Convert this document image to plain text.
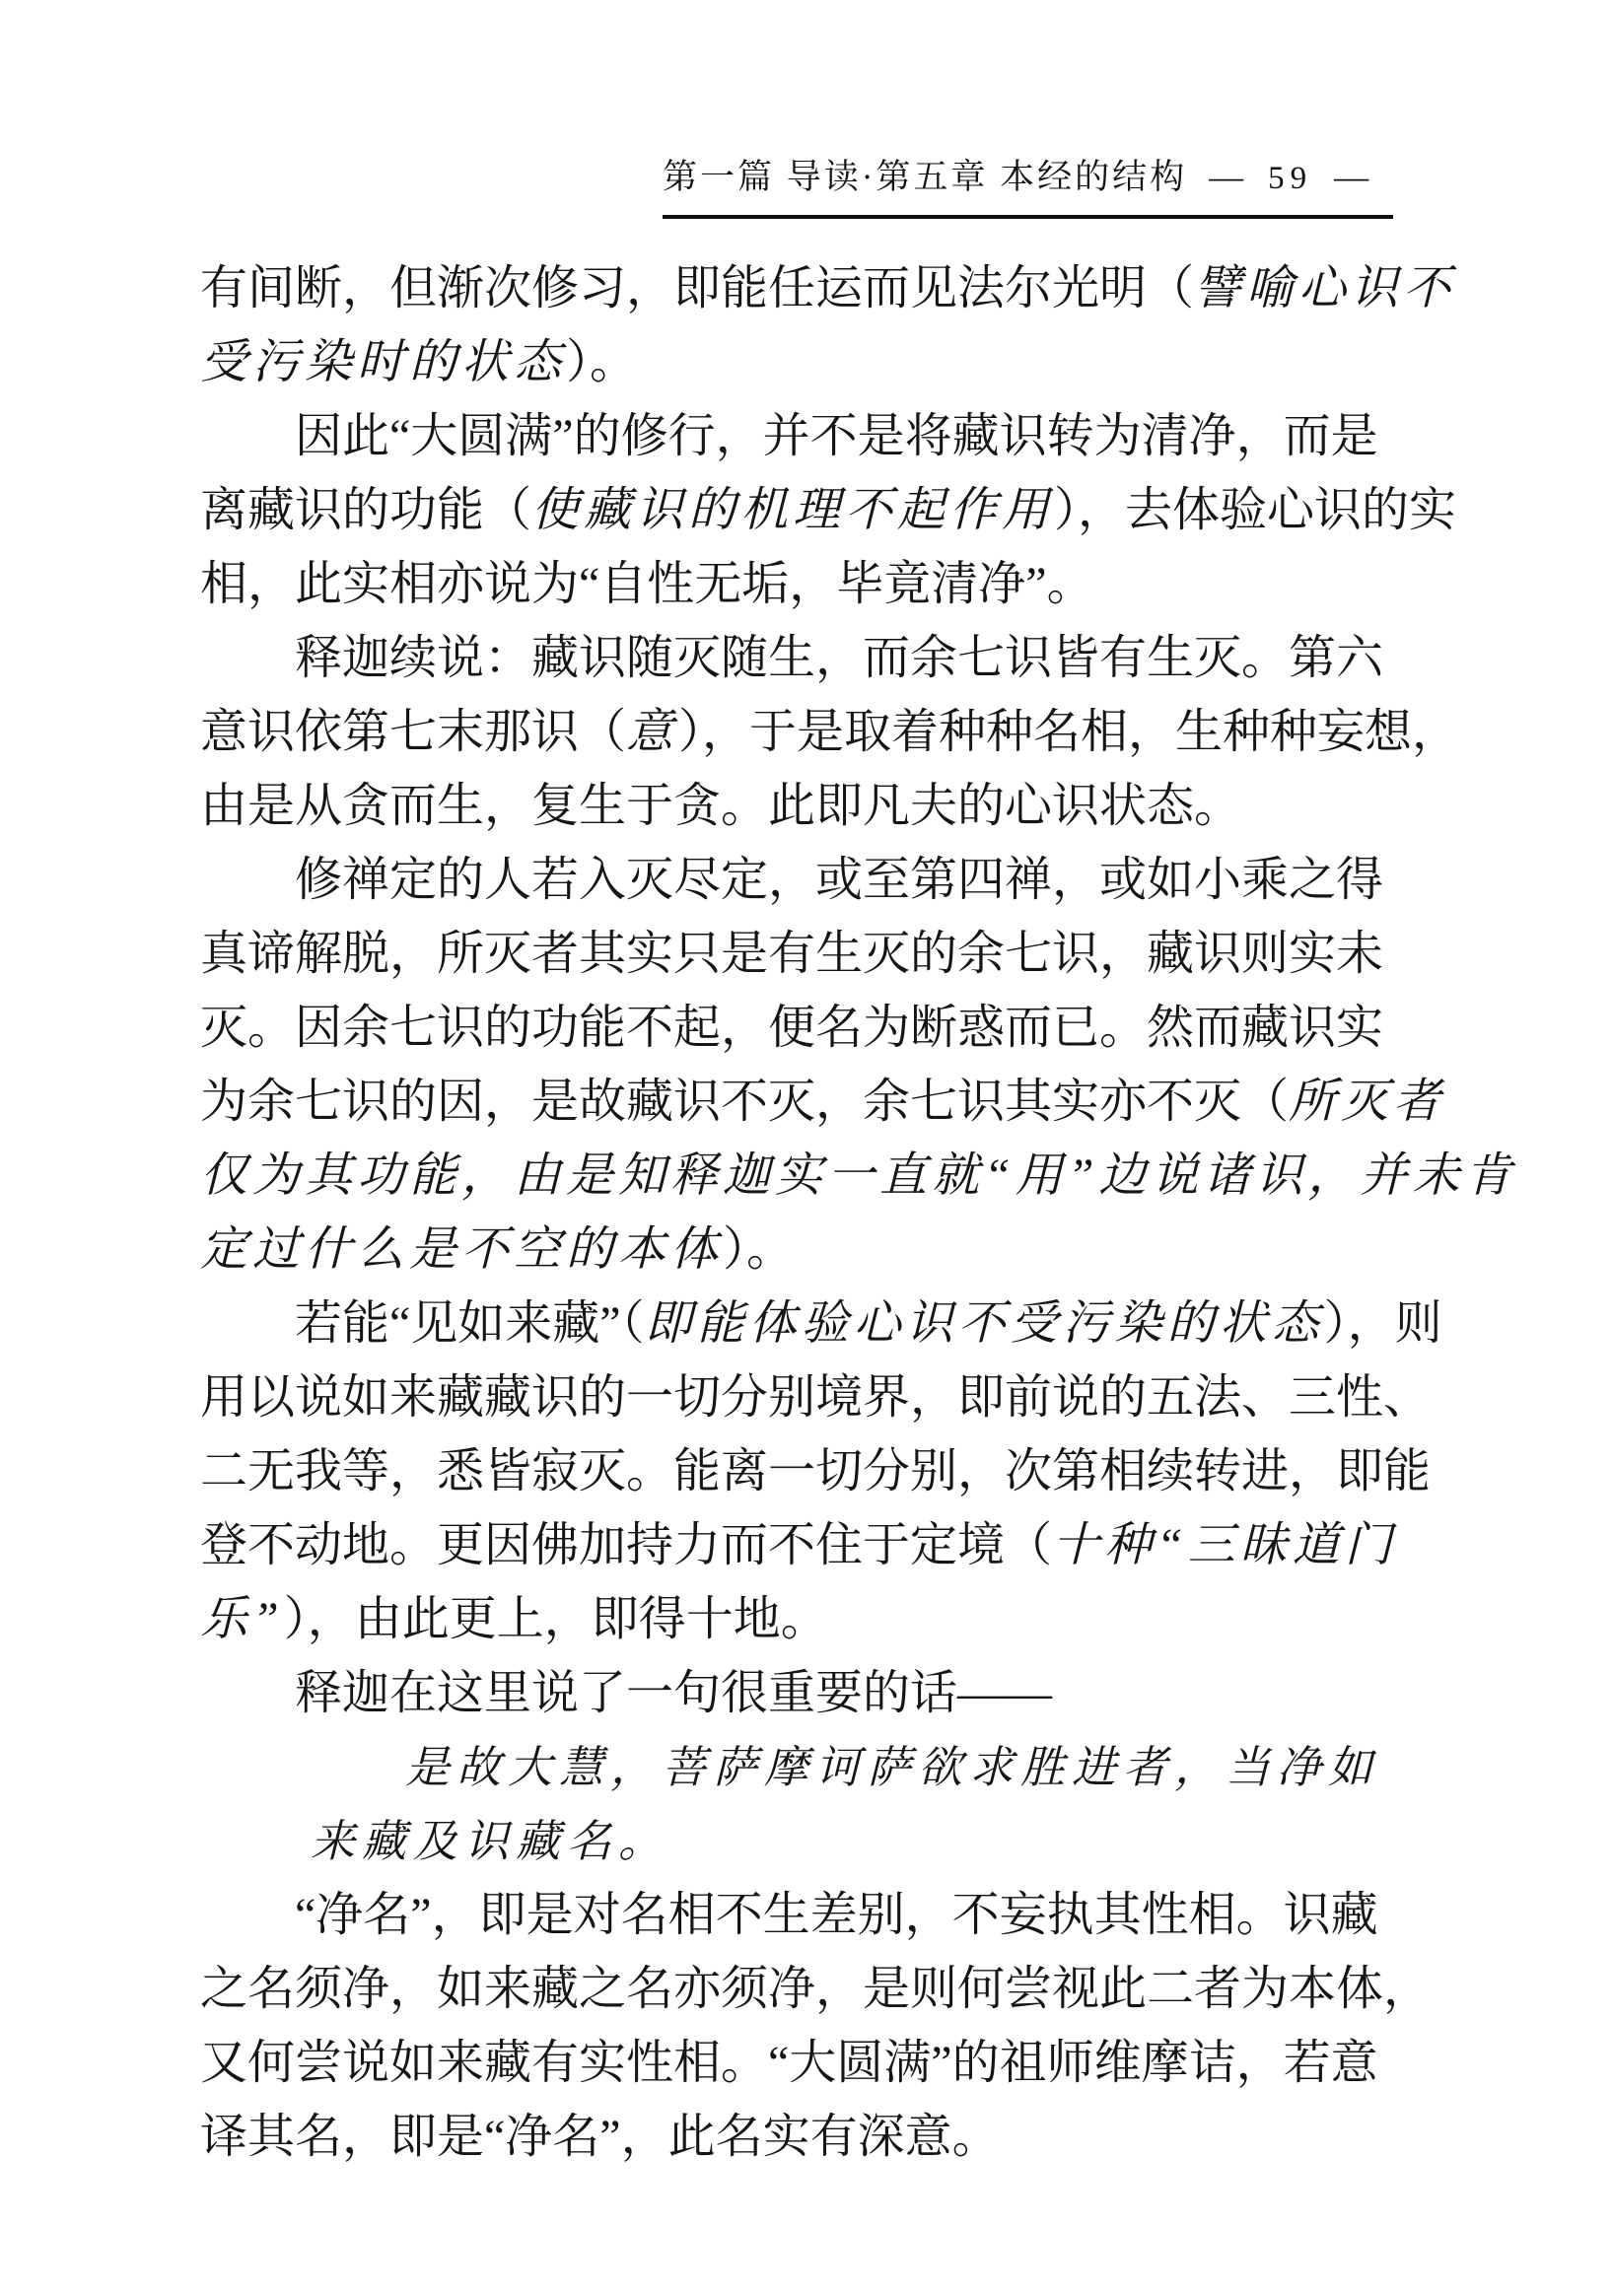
第一篇 导读·第五章 本经的结构 — 59 —
有间断，但渐次修习，即能任运而见法尔光明（譬喻心识不
受污染时的状态）。
因此“大圆满”的修行，并不是将藏识转为清净，而是
离藏识的功能（使藏识的机理不起作用），去体验心识的实
相，此实相亦说为“自性无垢，毕竟清净”。
释迦续说：藏识随灭随生，而余七识皆有生灭。第六
意识依第七末那识（意），于是取着种种名相，生种种妄想，
由是从贪而生，复生于贪。此即凡夫的心识状态。
修禅定的人若入灭尽定，或至第四禅，或如小乘之得
真谛解脱，所灭者其实只是有生灭的余七识，藏识则实未
灭。因余七识的功能不起，便名为断惑而已。然而藏识实
为余七识的因，是故藏识不灭，余七识其实亦不灭（所灭者
仅为其功能，由是知释迦实一直就“用”边说诸识，并未肯
定过什么是不空的本体）。
若能“见如来藏”（即能体验心识不受污染的状态），则
用以说如来藏藏识的一切分别境界，即前说的五法、三性、
二无我等，悉皆寂灭。能离一切分别，次第相续转进，即能
登不动地。更因佛加持力而不住于定境（十种“三昧道门
乐”），由此更上，即得十地。
释迦在这里说了一句很重要的话——
是故大慧，菩萨摩诃萨欲求胜进者，当净如
来藏及识藏名。
“净名”，即是对名相不生差别，不妄执其性相。识藏
之名须净，如来藏之名亦须净，是则何尝视此二者为本体，
又何尝说如来藏有实性相。“大圆满”的祖师维摩诘，若意
译其名，即是“净名”，此名实有深意。
